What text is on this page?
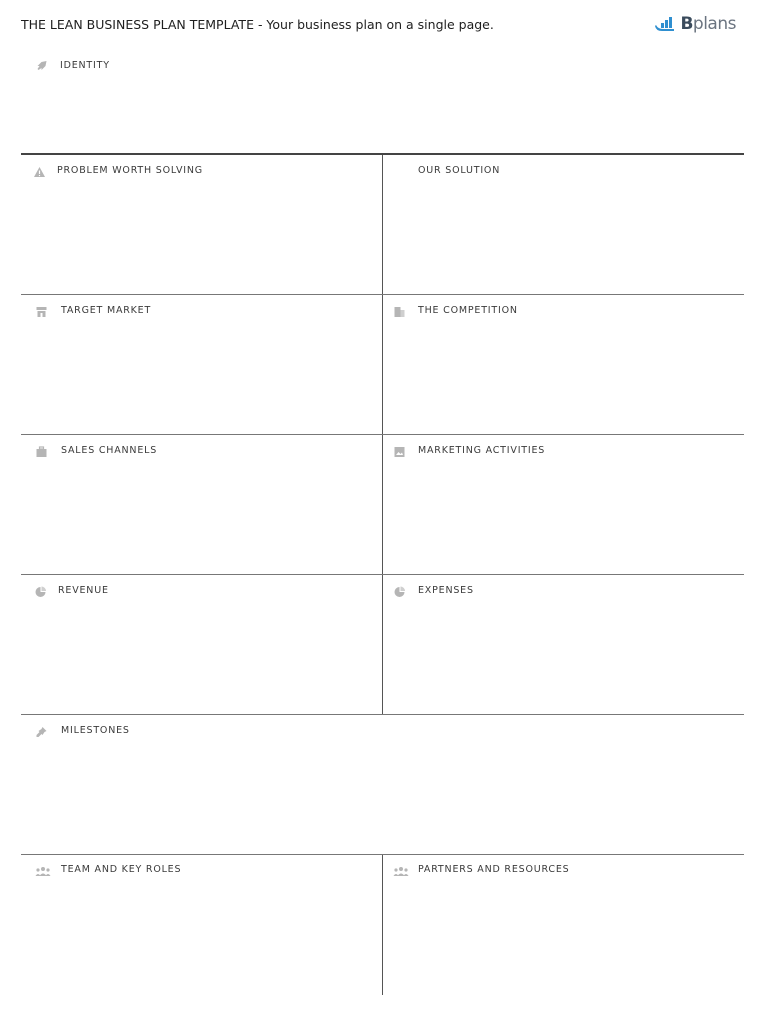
THE LEAN BUSINESS PLAN TEMPLATE - Your business plan on a single page.	Bplans
IDENTITY
PROBLEM WORTH SOLVING	OUR SOLUTION
TARGET MARKET	THE COMPETITION
SALES CHANNELS	MARKETING ACTIVITIES
REVENUE	EXPENSES
MILESTONES
TEAM AND KEY ROLES	PARTNERS AND RESOURCES
